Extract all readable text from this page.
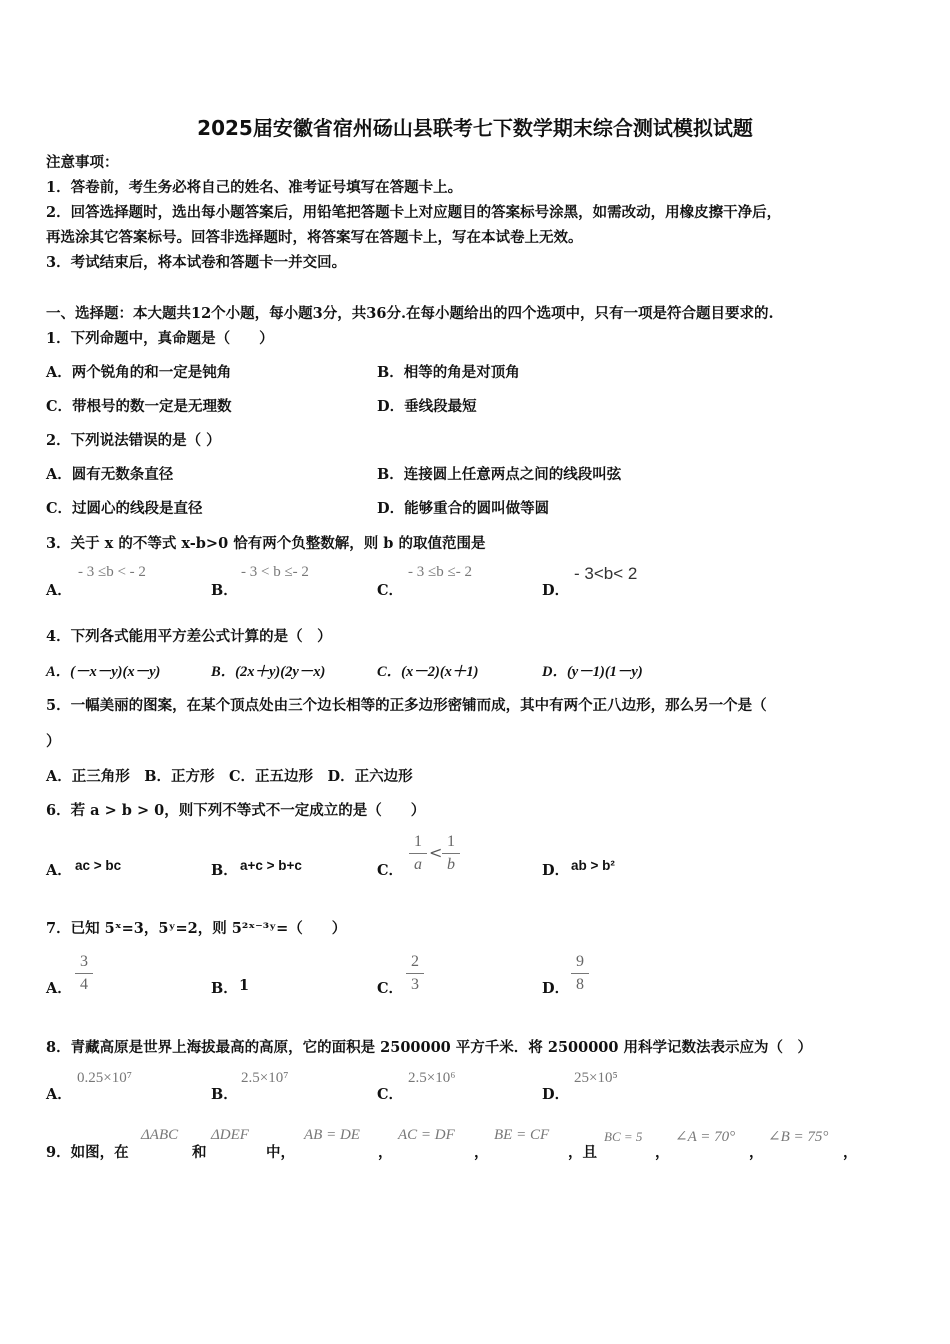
2025届安徽省宿州砀山县联考七下数学期末综合测试模拟试题
注意事项：
1．答卷前，考生务必将自己的姓名、准考证号填写在答题卡上。
2．回答选择题时，选出每小题答案后，用铅笔把答题卡上对应题目的答案标号涂黑，如需改动，用橡皮擦干净后，
再选涂其它答案标号。回答非选择题时，将答案写在答题卡上，写在本试卷上无效。
3．考试结束后，将本试卷和答题卡一并交回。
一、选择题：本大题共12个小题，每小题3分，共36分.在每小题给出的四个选项中，只有一项是符合题目要求的.
1．下列命题中，真命题是（　　）
A．两个锐角的和一定是钝角	B．相等的角是对顶角
C．带根号的数一定是无理数	D．垂线段最短
2．下列说法错误的是（ ）
A．圆有无数条直径	B．连接圆上任意两点之间的线段叫弦
C．过圆心的线段是直径	D．能够重合的圆叫做等圆
3．关于 x 的不等式 x-b>0 恰有两个负整数解，则 b 的取值范围是
A．
- 3 ≤b < - 2
B．
- 3 < b ≤- 2
C．
- 3 ≤b ≤- 2
D．
- 3<b< 2
4．下列各式能用平方差公式计算的是（　）
A．(－x－y)(x－y)	B．(2x＋y)(2y－x)	C．(x－2)(x＋1)	D．(y－1)(1－y)
5．一幅美丽的图案，在某个顶点处由三个边长相等的正多边形密铺而成，其中有两个正八边形，那么另一个是（
）
A．正三角形　B．正方形　C．正五边形　D．正六边形
6．若 a > b > 0，则下列不等式不一定成立的是（　　）
A． ac > bc	B． a+c > b+c	C．
1
a
<
1
b	D． ab > b²
7．已知 5ˣ=3，5ʸ=2，则 5²ˣ⁻³ʸ=（　　）
A．
3
4	B． 1	C．
2
3	D．
9
8
8．青藏高原是世界上海拔最高的高原，它的面积是 2500000 平方千米．将 2500000 用科学记数法表示应为（　）
A．
0.25×10⁷
B．
2.5×10⁷
C．
2.5×10⁶
D．
25×10⁵
9．如图，在
ΔABC
和
ΔDEF
中，
AB = DE
，
AC = DF
，
BE = CF
，且
BC = 5
，
∠A = 70°
，
∠B = 75°
，
